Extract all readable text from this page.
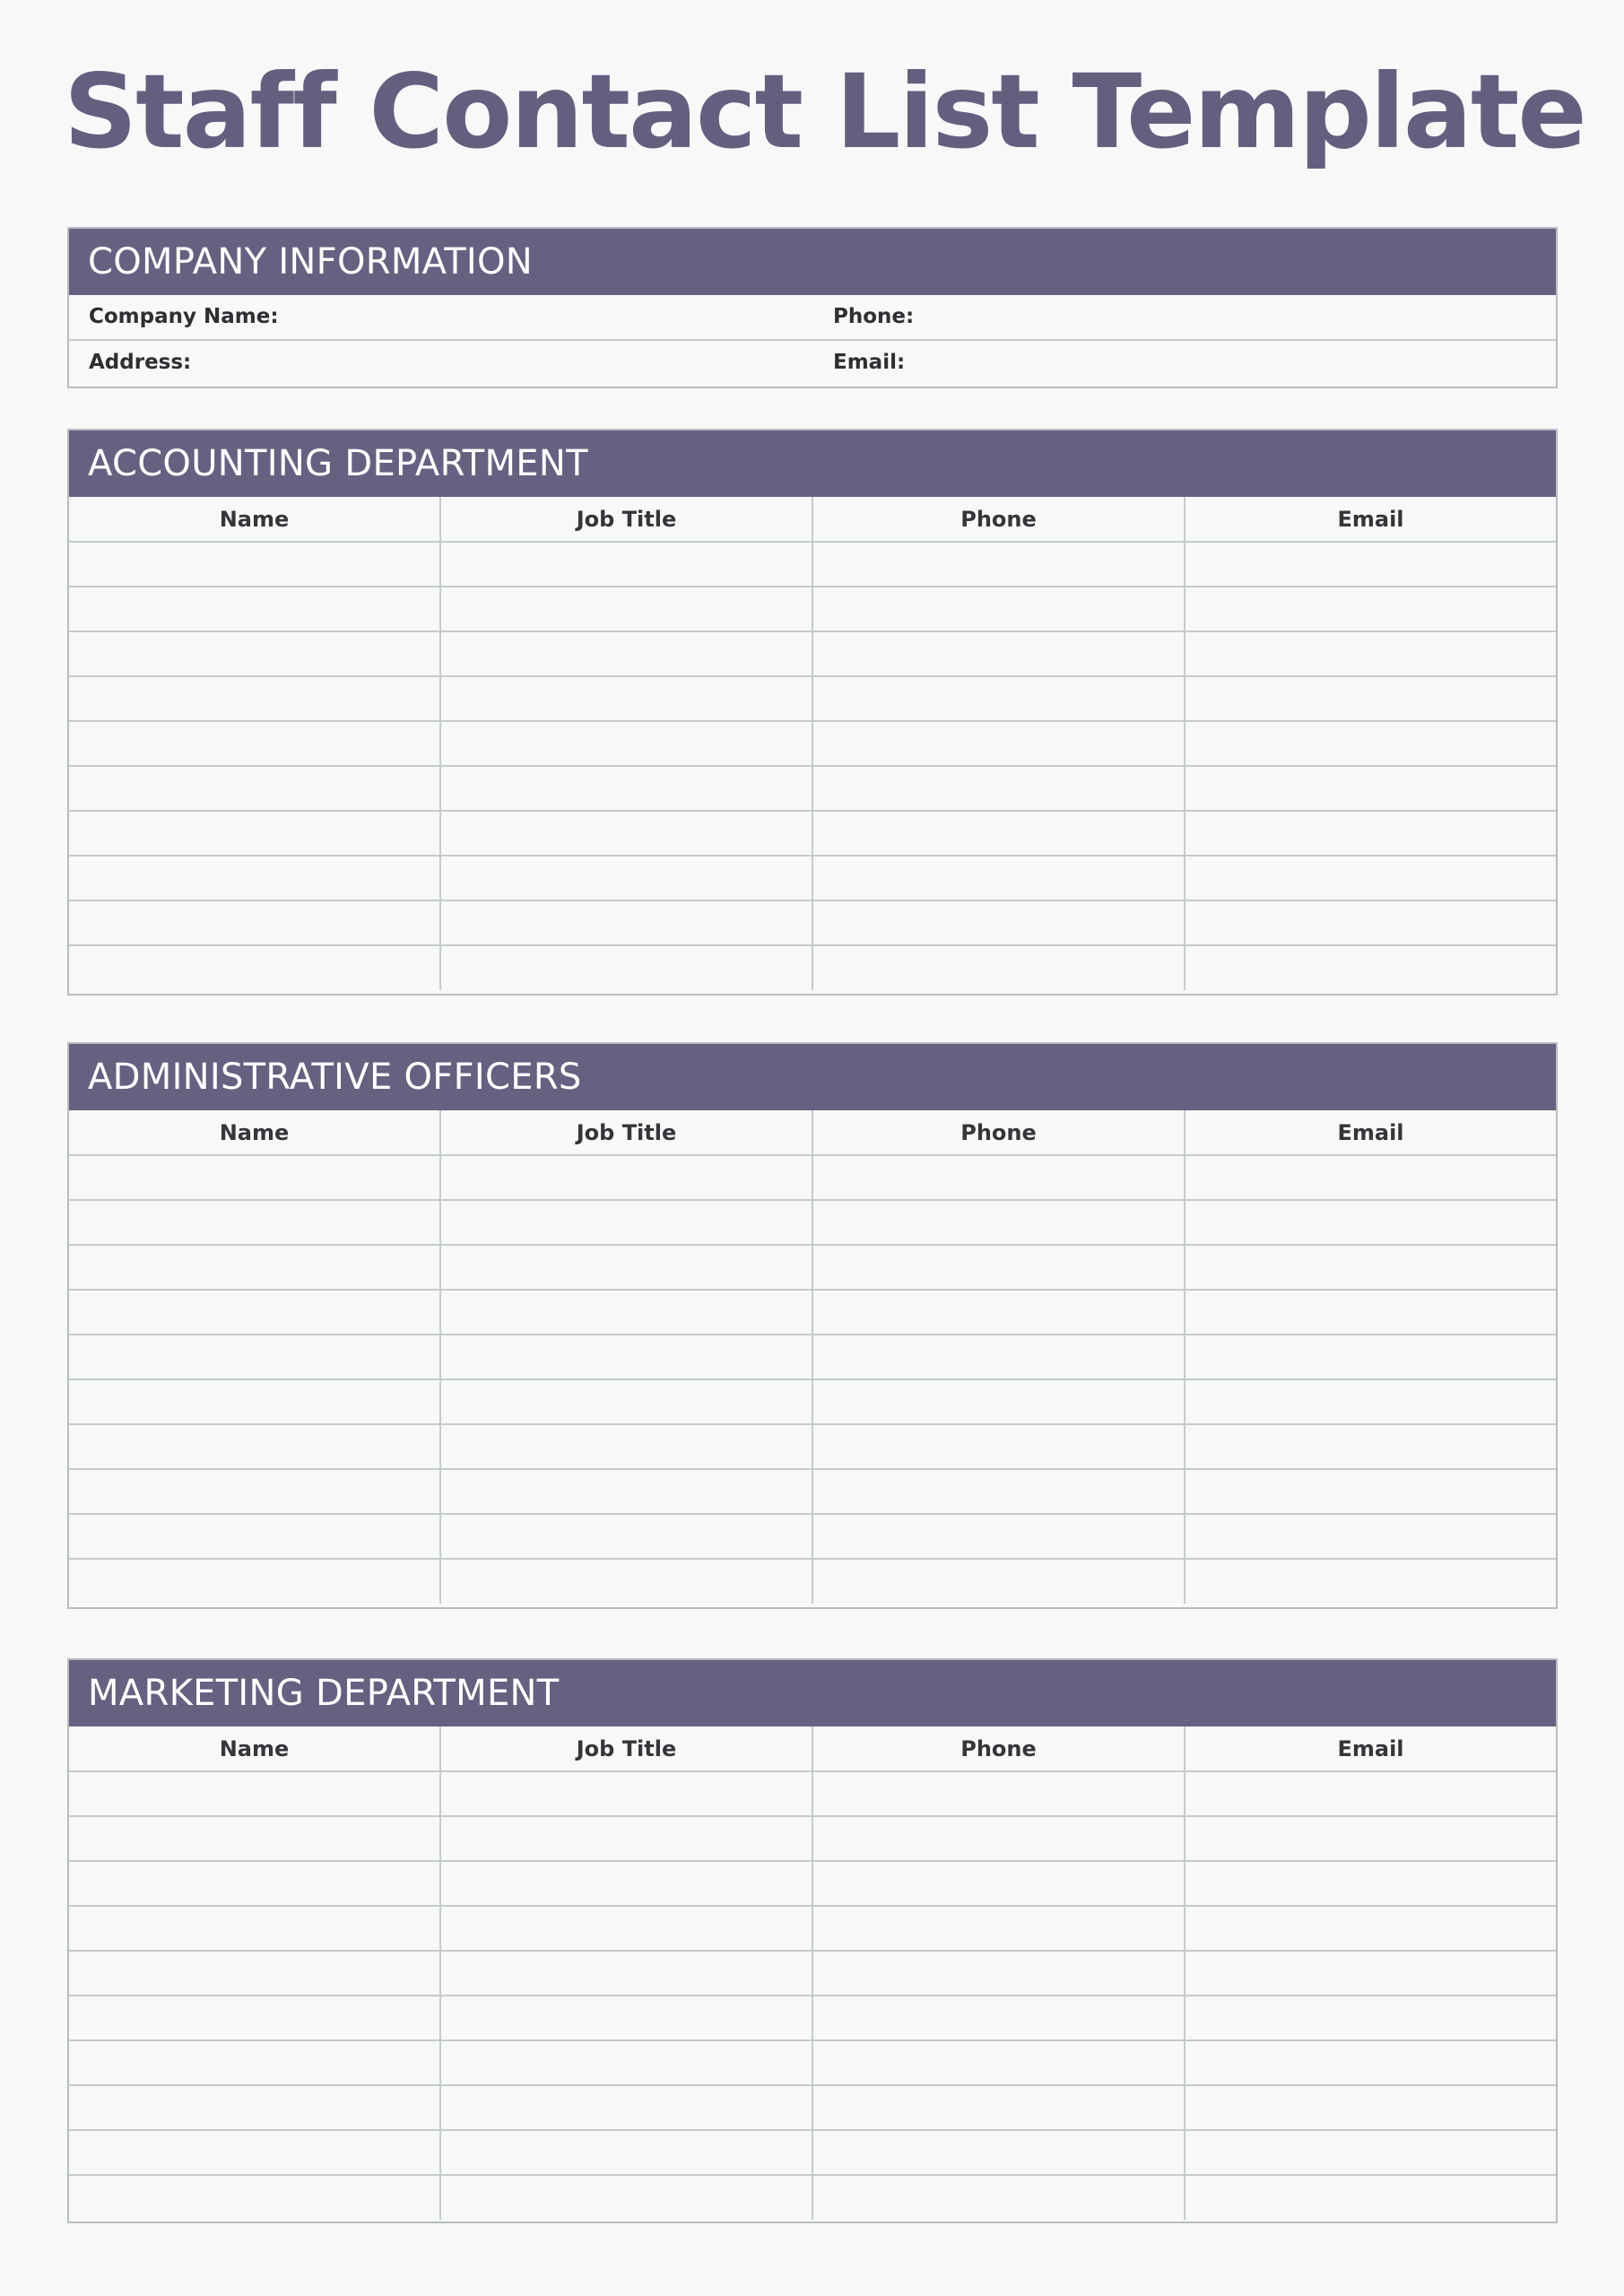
Staff Contact List Template
COMPANY INFORMATION
Company Name:	Phone:
Address:	Email:
ACCOUNTING DEPARTMENT
Name	Job Title	Phone	Email

ADMINISTRATIVE OFFICERS
Name	Job Title	Phone	Email

MARKETING DEPARTMENT
Name	Job Title	Phone	Email
